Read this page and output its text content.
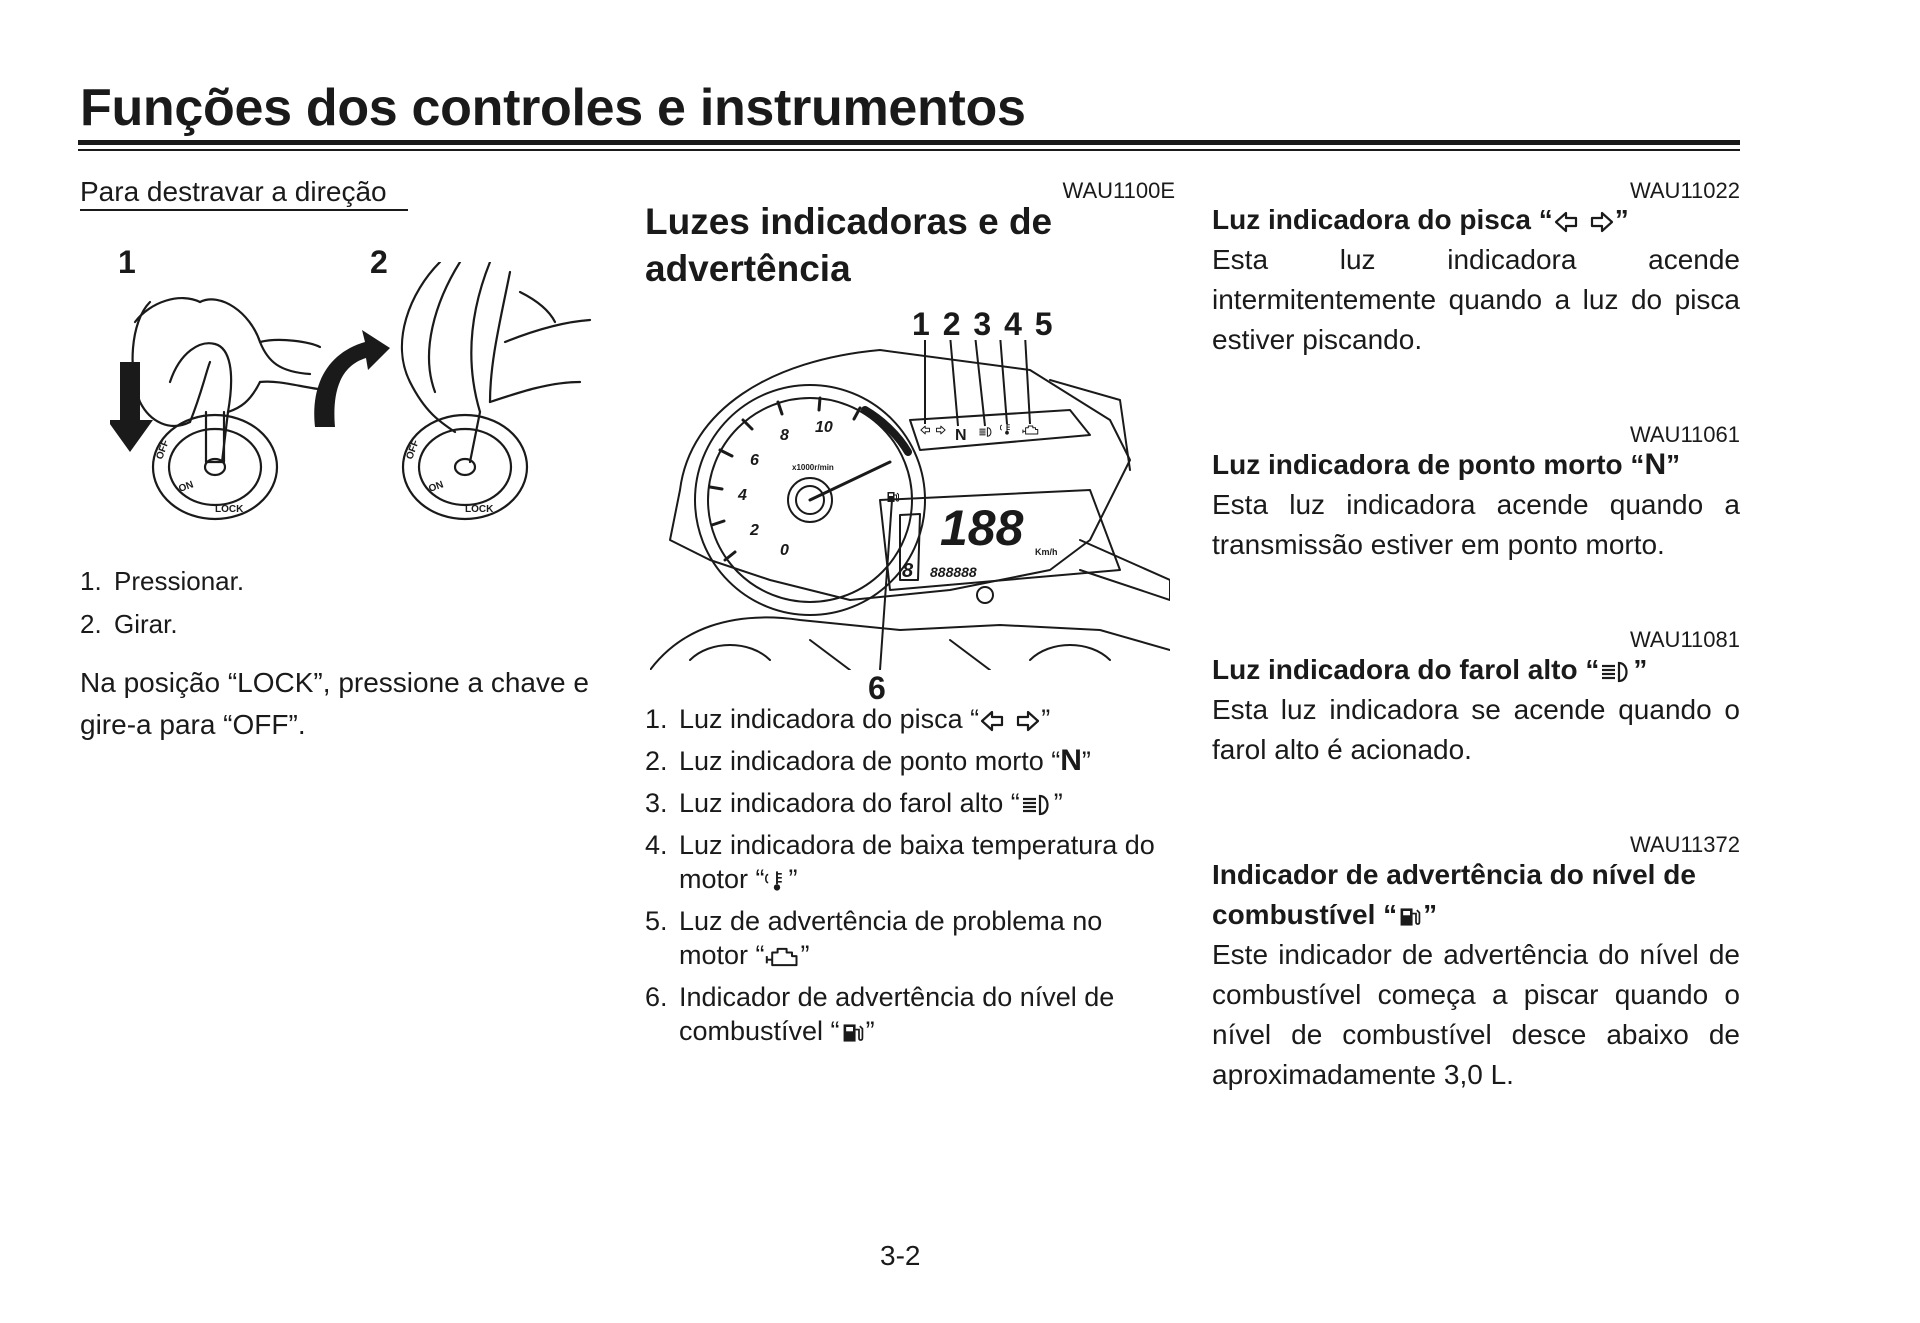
Funções dos controles e instrumentos
Para destravar a direção
1	2
OFF
ON
LOCK
OFF
ON
LOCK
1. Pressionar.
2. Girar.
Na posição “LOCK”, pressione a chave e gire-a para “OFF”.
WAU1100E
Luzes indicadoras e de advertência
1 2 3 4 5
0
2
4
6
8 10
x1000r/min
188 Km/h
8 888888
N
6
1. Luz indicadora do pisca “ ”
2. Luz indicadora de ponto morto “N”
3. Luz indicadora do farol alto “ ”
4. Luz indicadora de baixa temperatura do motor “ ”
5. Luz de advertência de problema no motor “ ”
6. Indicador de advertência do nível de combustível “ ”
WAU11022
Luz indicadora do pisca “ ”
Esta luz indicadora acende intermitentemente quando a luz do pisca estiver piscando.
WAU11061
Luz indicadora de ponto morto “N”
Esta luz indicadora acende quando a transmissão estiver em ponto morto.
WAU11081
Luz indicadora do farol alto “ ”
Esta luz indicadora se acende quando o farol alto é acionado.
WAU11372
Indicador de advertência do nível de combustível “ ”
Este indicador de advertência do nível de combustível começa a piscar quando o nível de combustível desce abaixo de aproximadamente 3,0 L.
3-2
